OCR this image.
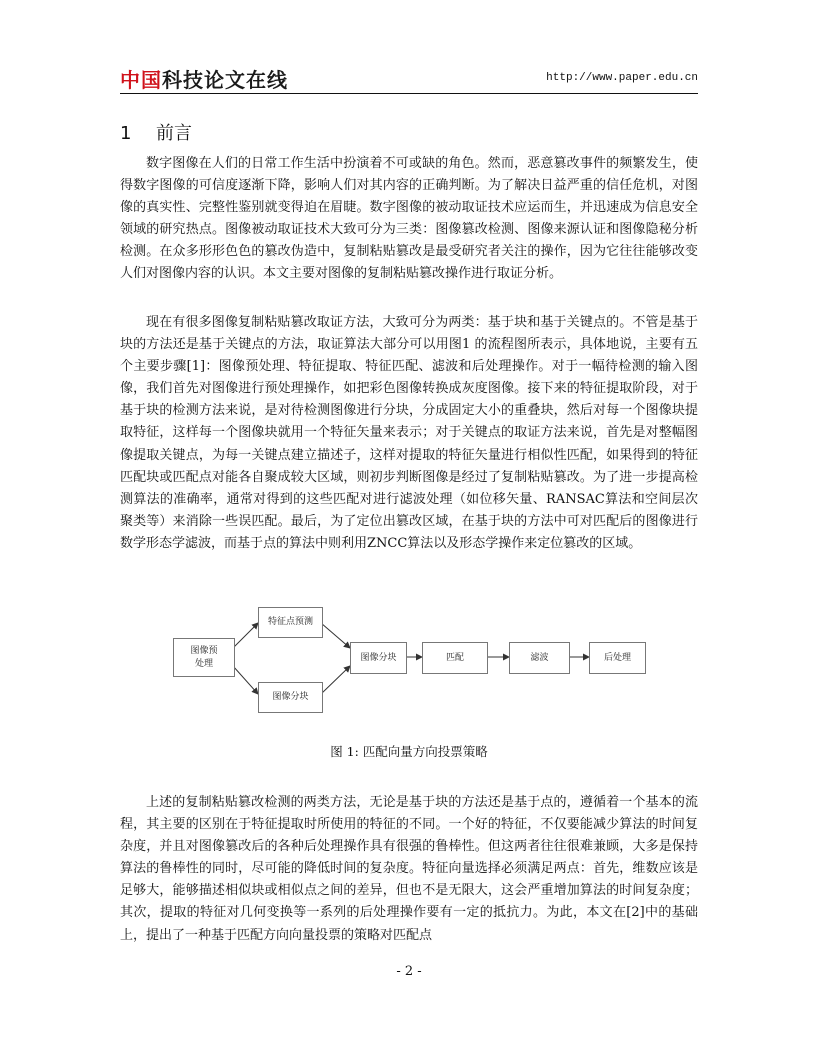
中国科技论文在线	http://www.paper.edu.cn
1 前言
数字图像在人们的日常工作生活中扮演着不可或缺的角色。然而，恶意篡改事件的频繁发生，使得数字图像的可信度逐渐下降，影响人们对其内容的正确判断。为了解决日益严重的信任危机，对图像的真实性、完整性鉴别就变得迫在眉睫。数字图像的被动取证技术应运而生，并迅速成为信息安全领域的研究热点。图像被动取证技术大致可分为三类：图像篡改检测、图像来源认证和图像隐秘分析检测。在众多形形色色的篡改伪造中，复制粘贴篡改是最受研究者关注的操作，因为它往往能够改变人们对图像内容的认识。本文主要对图像的复制粘贴篡改操作进行取证分析。
现在有很多图像复制粘贴篡改取证方法，大致可分为两类：基于块和基于关键点的。不管是基于块的方法还是基于关键点的方法，取证算法大部分可以用图1 的流程图所表示，具体地说，主要有五个主要步骤[1]：图像预处理、特征提取、特征匹配、滤波和后处理操作。对于一幅待检测的输入图像，我们首先对图像进行预处理操作，如把彩色图像转换成灰度图像。接下来的特征提取阶段，对于基于块的检测方法来说，是对待检测图像进行分块，分成固定大小的重叠块，然后对每一个图像块提取特征，这样每一个图像块就用一个特征矢量来表示；对于关键点的取证方法来说，首先是对整幅图像提取关键点，为每一关键点建立描述子，这样对提取的特征矢量进行相似性匹配，如果得到的特征匹配块或匹配点对能各自聚成较大区域，则初步判断图像是经过了复制粘贴篡改。为了进一步提高检测算法的准确率，通常对得到的这些匹配对进行滤波处理（如位移矢量、RANSAC算法和空间层次聚类等）来消除一些误匹配。最后，为了定位出篡改区域，在基于块的方法中可对匹配后的图像进行数学形态学滤波，而基于点的算法中则利用ZNCC算法以及形态学操作来定位篡改的区域。
图像预
处理
特征点预测
图像分块
图像分块	匹配	滤波	后处理
图 1: 匹配向量方向投票策略
上述的复制粘贴篡改检测的两类方法，无论是基于块的方法还是基于点的，遵循着一个基本的流程，其主要的区别在于特征提取时所使用的特征的不同。一个好的特征，不仅要能减少算法的时间复杂度，并且对图像篡改后的各种后处理操作具有很强的鲁棒性。但这两者往往很难兼顾，大多是保持算法的鲁棒性的同时，尽可能的降低时间的复杂度。特征向量选择必须满足两点：首先，维数应该是足够大，能够描述相似块或相似点之间的差异，但也不是无限大，这会严重增加算法的时间复杂度；其次，提取的特征对几何变换等一系列的后处理操作要有一定的抵抗力。为此，本文在[2]中的基础上，提出了一种基于匹配方向向量投票的策略对匹配点
- 2 -
